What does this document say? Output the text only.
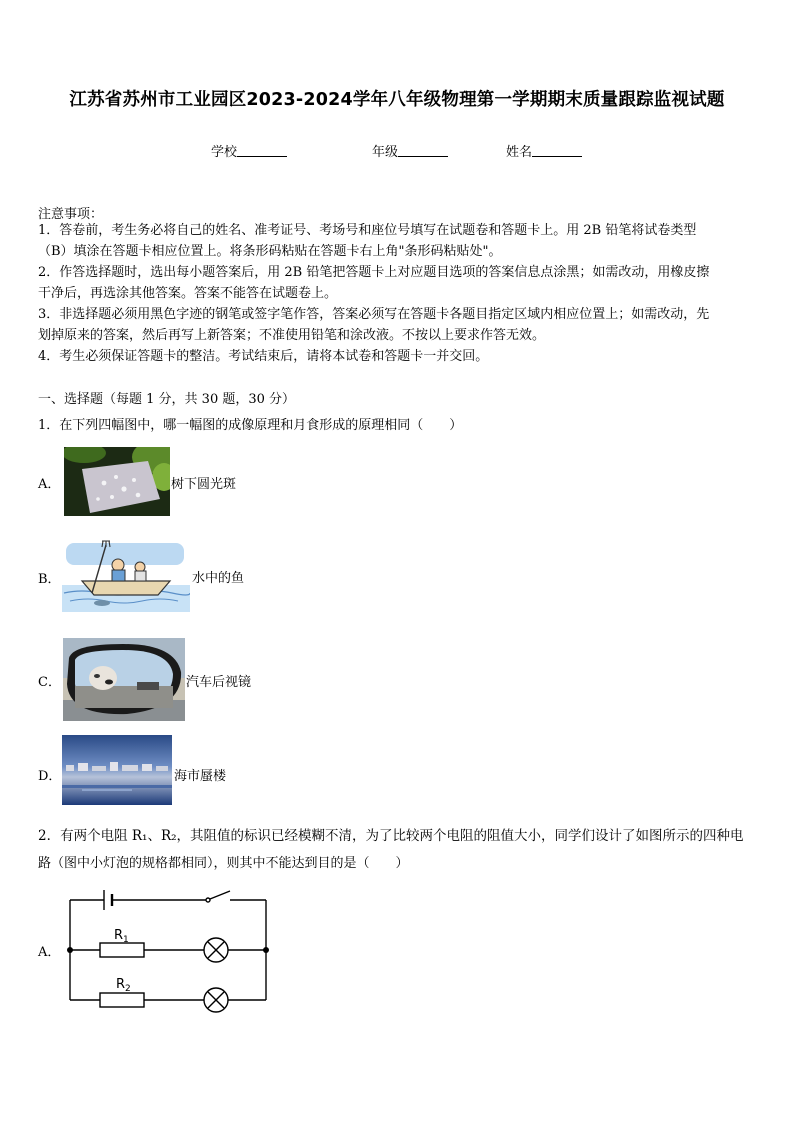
江苏省苏州市工业园区2023-2024学年八年级物理第一学期期末质量跟踪监视试题
学校	年级	姓名
注意事项：
1．答卷前，考生务必将自己的姓名、准考证号、考场号和座位号填写在试题卷和答题卡上。用 2B 铅笔将试卷类型
（B）填涂在答题卡相应位置上。将条形码粘贴在答题卡右上角"条形码粘贴处"。
2．作答选择题时，选出每小题答案后，用 2B 铅笔把答题卡上对应题目选项的答案信息点涂黑；如需改动，用橡皮擦
干净后，再选涂其他答案。答案不能答在试题卷上。
3．非选择题必须用黑色字迹的钢笔或签字笔作答，答案必须写在答题卡各题目指定区域内相应位置上；如需改动，先
划掉原来的答案，然后再写上新答案；不准使用铅笔和涂改液。不按以上要求作答无效。
4．考生必须保证答题卡的整洁。考试结束后，请将本试卷和答题卡一并交回。
一、选择题（每题 1 分，共 30 题，30 分）
1．在下列四幅图中，哪一幅图的成像原理和月食形成的原理相同（　　）
A．	树下圆光斑
B．	水中的鱼
C．	汽车后视镜
D．	海市蜃楼
2．有两个电阻 R₁、R₂，其阻值的标识已经模糊不清，为了比较两个电阻的阻值大小，同学们设计了如图所示的四种电
路（图中小灯泡的规格都相同），则其中不能达到目的是（　　）
A．
R 1
R 2
